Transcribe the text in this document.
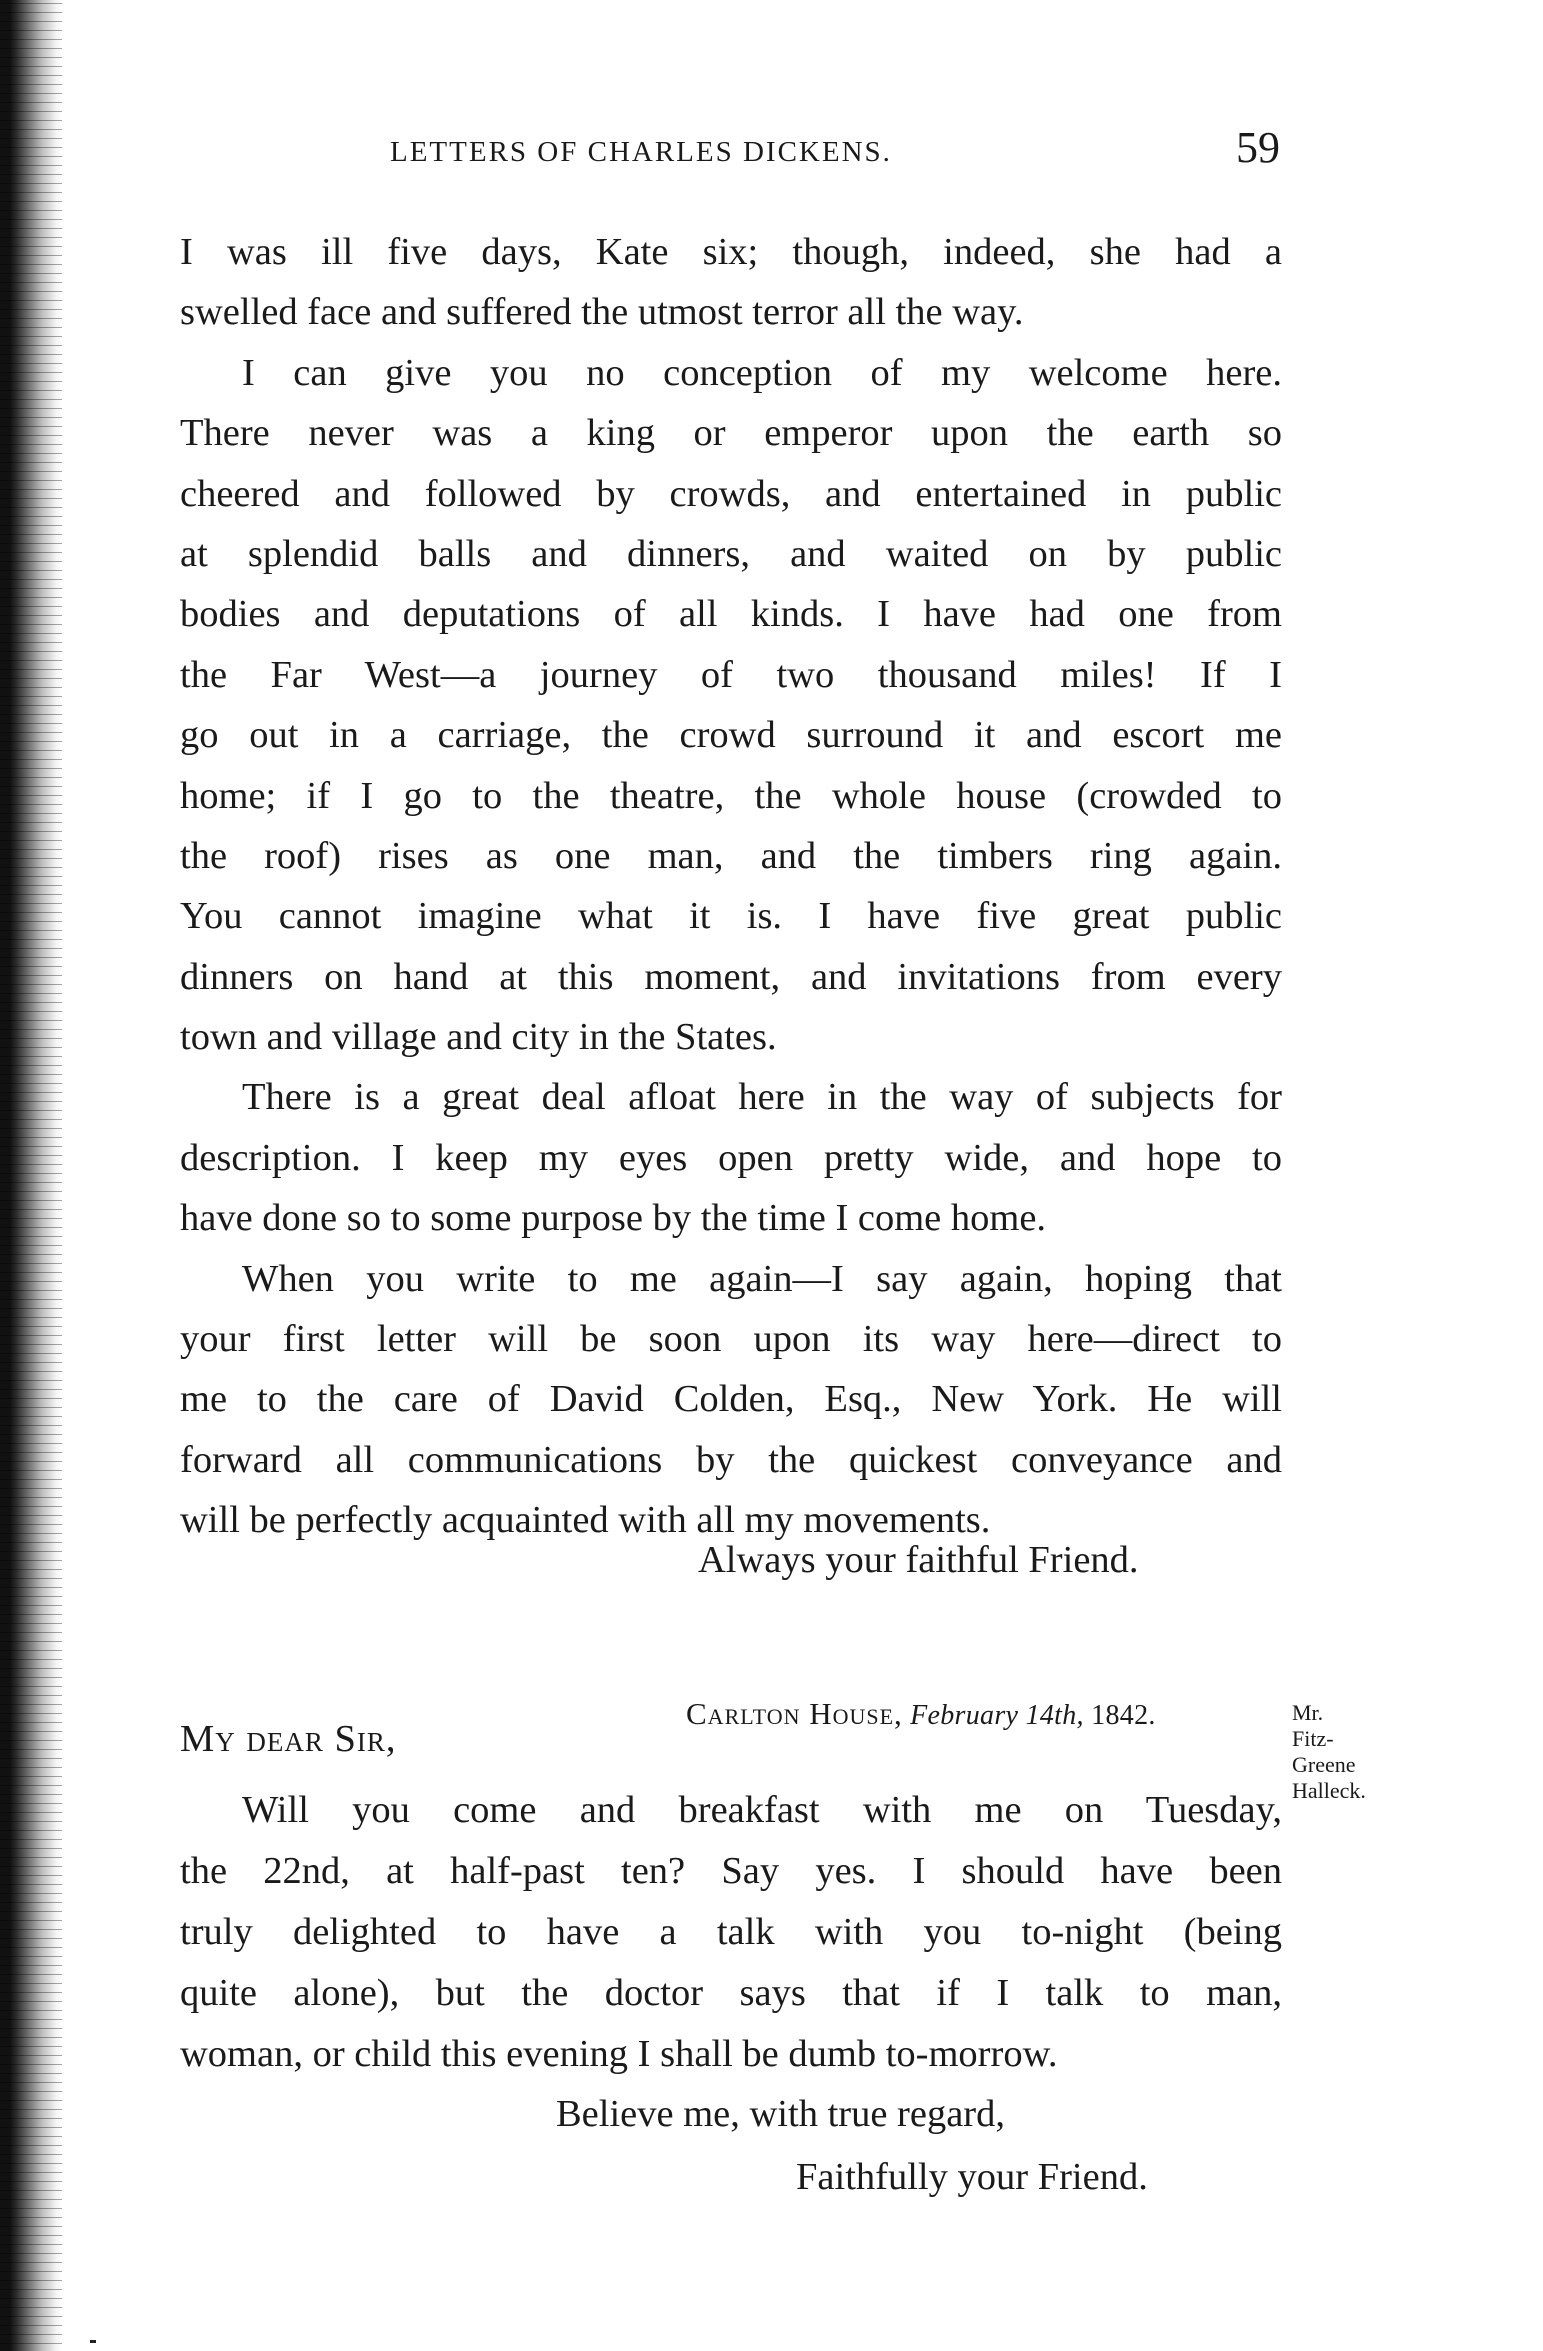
LETTERS OF CHARLES DICKENS.	59
I was ill five days, Kate six; though, indeed, she had a
swelled face and suffered the utmost terror all the way.
I can give you no conception of my welcome here.
There never was a king or emperor upon the earth so
cheered and followed by crowds, and entertained in public
at splendid balls and dinners, and waited on by public
bodies and deputations of all kinds. I have had one from
the Far West—a journey of two thousand miles! If I
go out in a carriage, the crowd surround it and escort me
home; if I go to the theatre, the whole house (crowded to
the roof) rises as one man, and the timbers ring again.
You cannot imagine what it is. I have five great public
dinners on hand at this moment, and invitations from every
town and village and city in the States.
There is a great deal afloat here in the way of subjects for
description. I keep my eyes open pretty wide, and hope to
have done so to some purpose by the time I come home.
When you write to me again—I say again, hoping that
your first letter will be soon upon its way here—direct to
me to the care of David Colden, Esq., New York. He will
forward all communications by the quickest conveyance and
will be perfectly acquainted with all my movements.
Always your faithful Friend.
Carlton House, February 14th, 1842.	Mr.
Fitz-
Greene
Halleck.
My dear Sir,
Will you come and breakfast with me on Tuesday,
the 22nd, at half-past ten? Say yes. I should have been
truly delighted to have a talk with you to-night (being
quite alone), but the doctor says that if I talk to man,
woman, or child this evening I shall be dumb to-morrow.
Believe me, with true regard,
Faithfully your Friend.
